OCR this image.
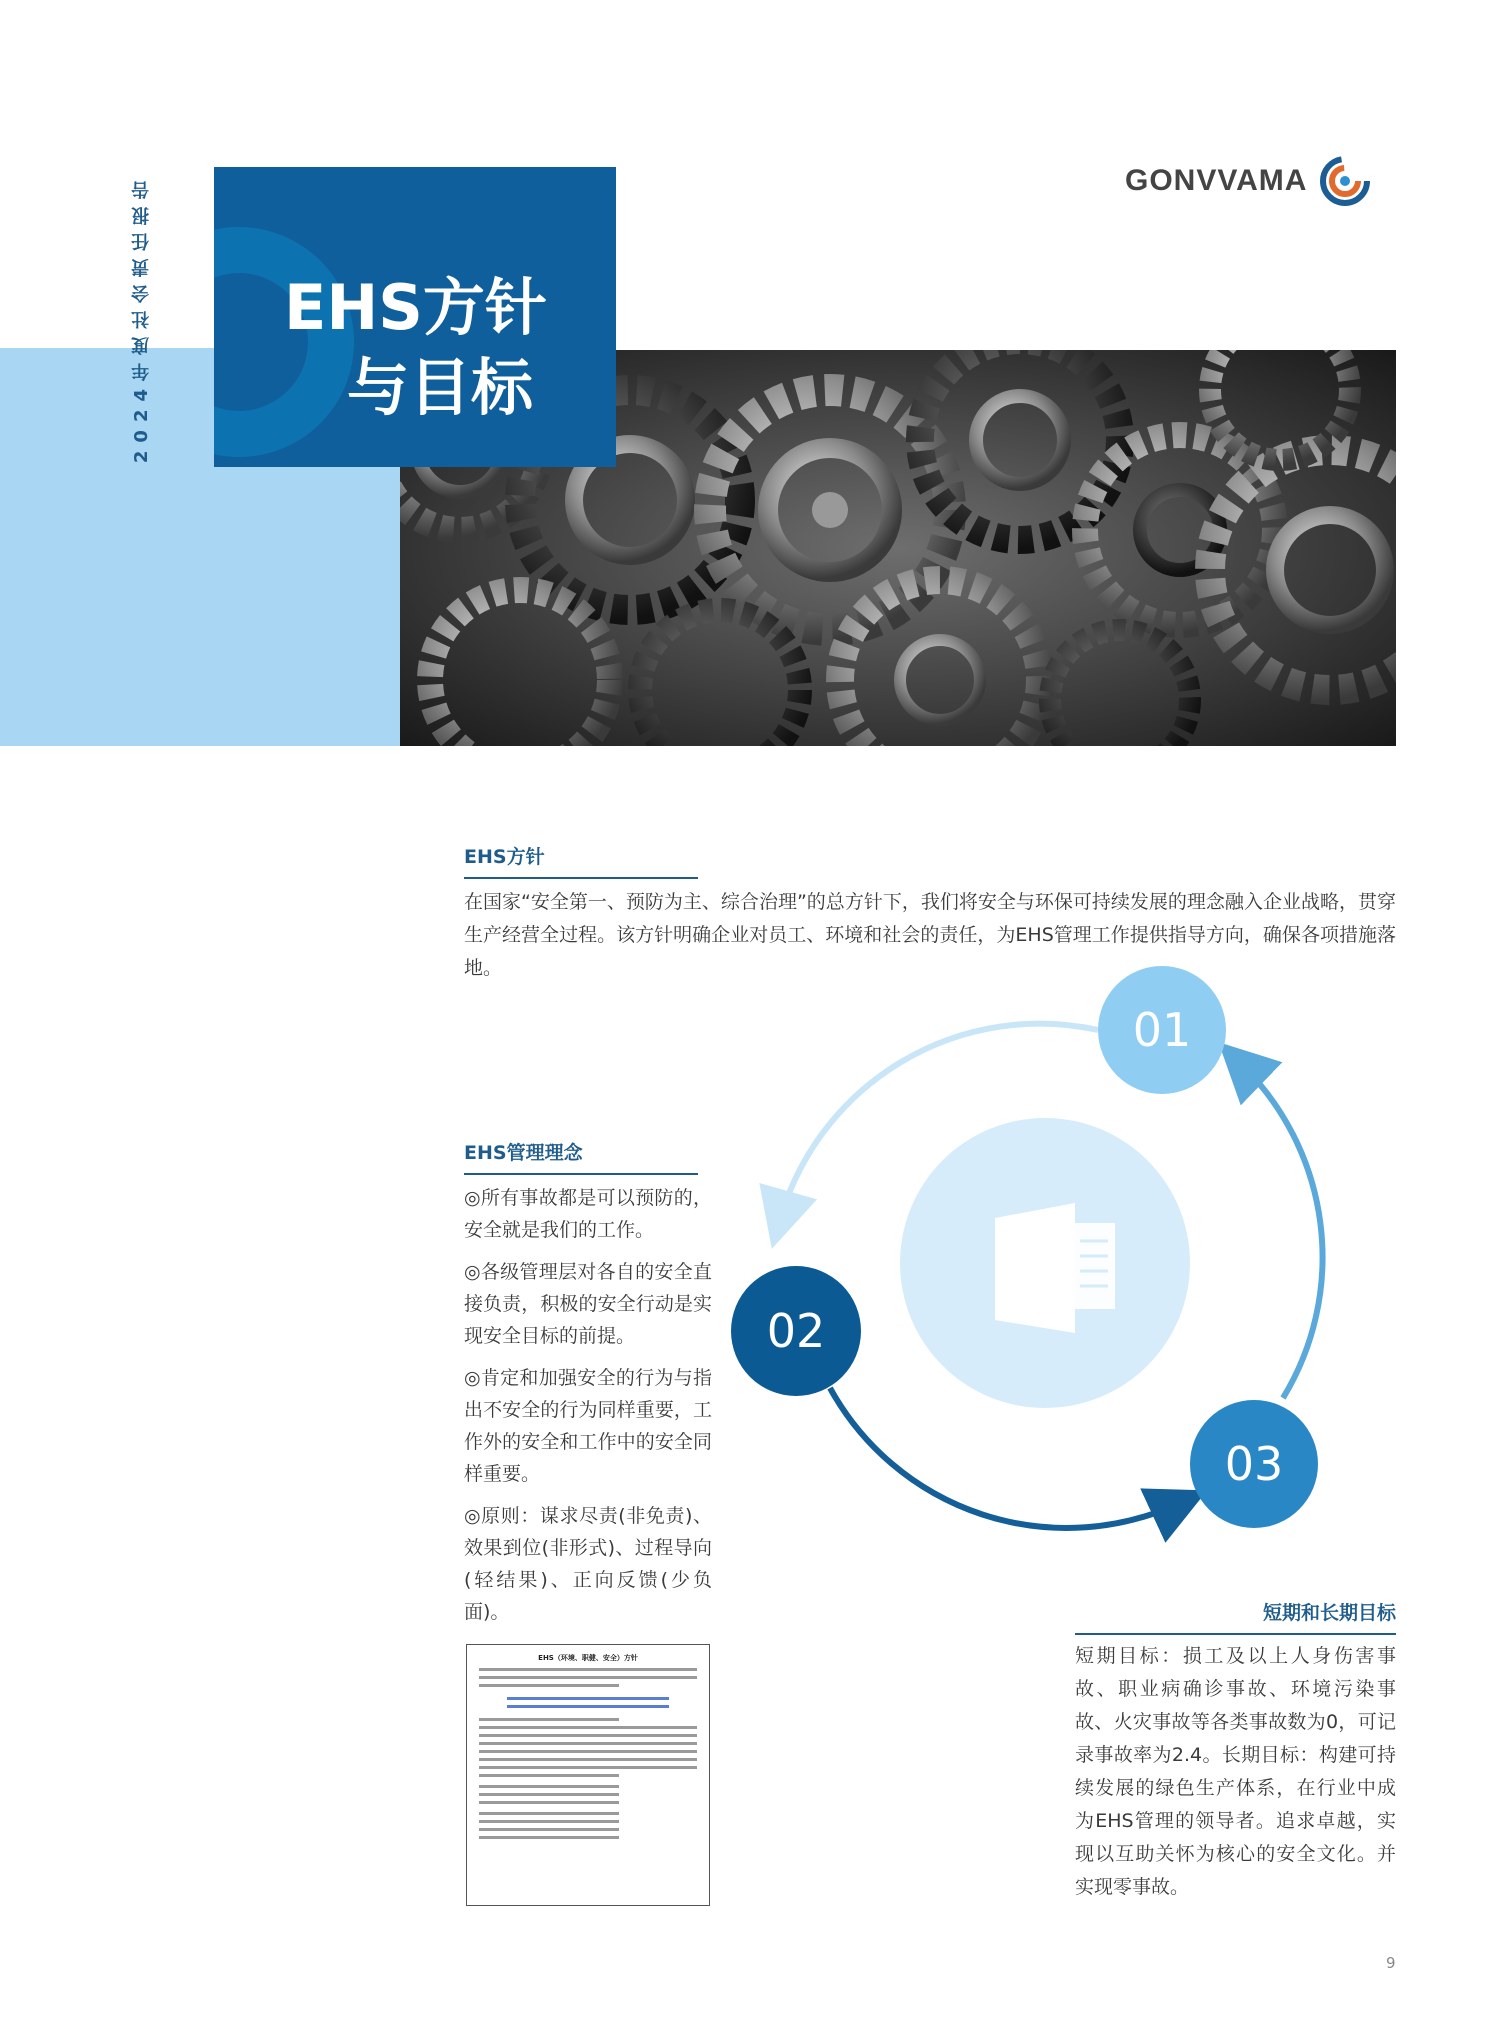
2024年度社会责任报告 EHS方针
与目标
GONVVAMA
EHS方针
在国家“安全第一、预防为主、综合治理”的总方针下，我们将安全与环保可持续发展的理念融入企业战略，贯穿生产经营全过程。该方针明确企业对员工、环境和社会的责任，为EHS管理工作提供指导方向，确保各项措施落地。
EHS管理理念

◎所有事故都是可以预防的，安全就是我们的工作。

◎各级管理层对各自的安全直接负责，积极的安全行动是实现安全目标的前提。

◎肯定和加强安全的行为与指出不安全的行为同样重要，工作外的安全和工作中的安全同样重要。

◎原则：谋求尽责(非免责)、效果到位(非形式)、过程导向(轻结果)、正向反馈(少负面)。

01
02
03
短期和长期目标
短期目标：损工及以上人身伤害事故、职业病确诊事故、环境污染事故、火灾事故等各类事故数为0，可记录事故率为2.4。长期目标：构建可持续发展的绿色生产体系，在行业中成为EHS管理的领导者。追求卓越，实现以互助关怀为核心的安全文化。并实现零事故。
EHS（环境、职健、安全）方针
9
